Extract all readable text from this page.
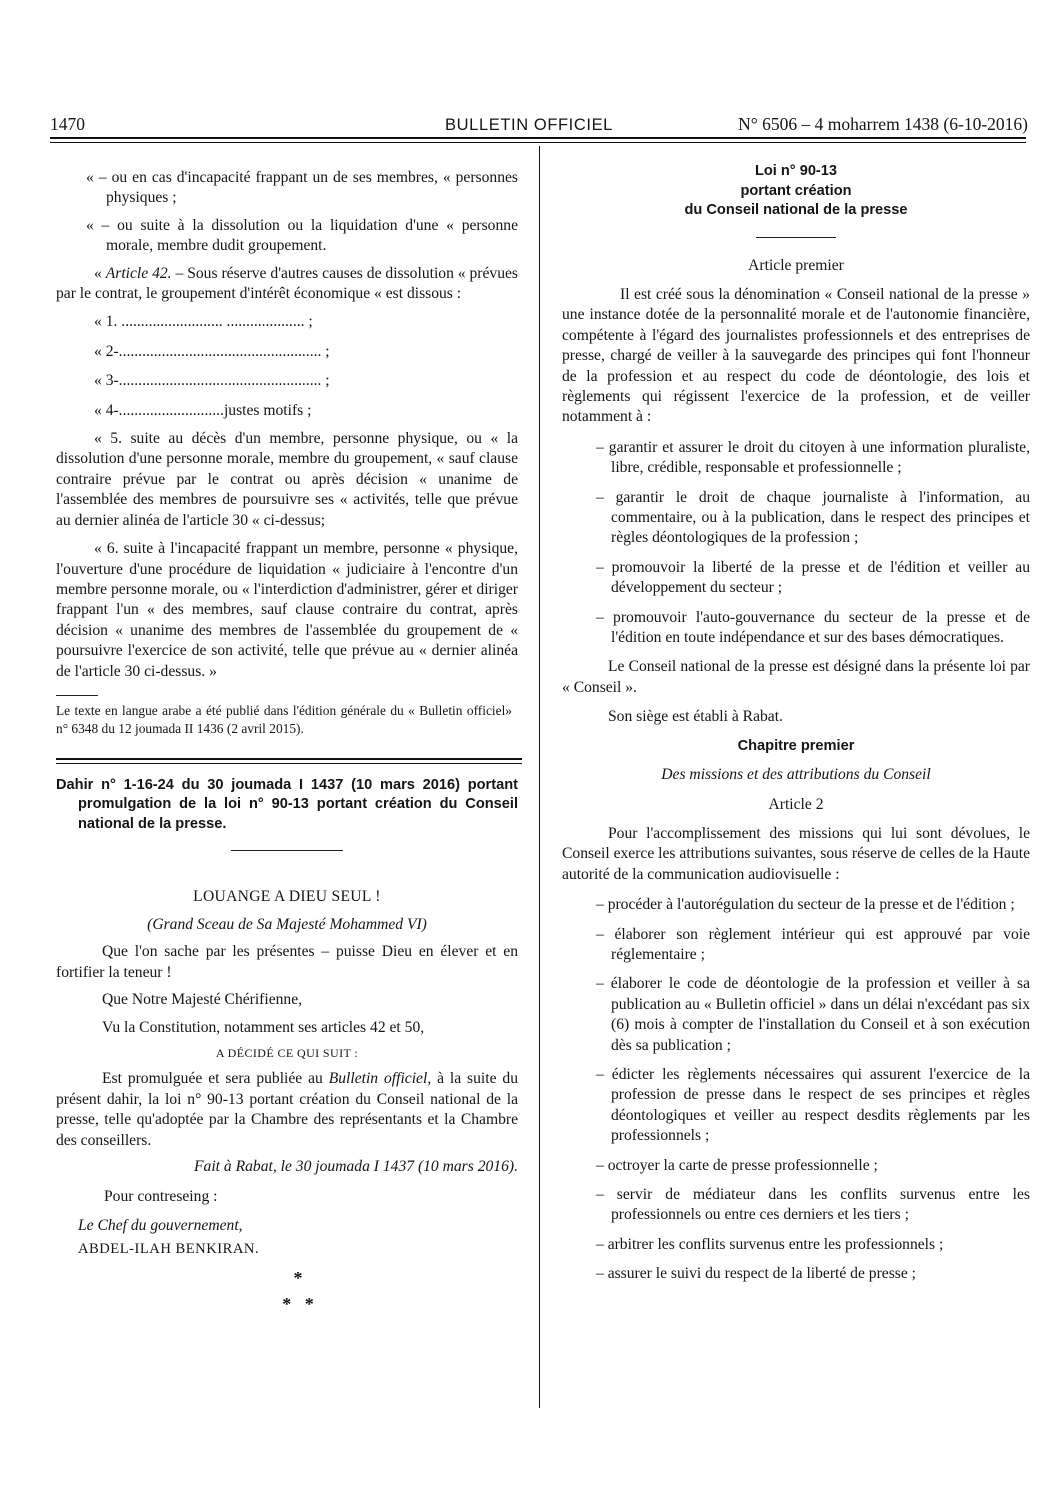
1470	BULLETIN OFFICIEL	N° 6506 – 4 moharrem 1438 (6-10-2016)

« – ou en cas d'incapacité frappant un de ses membres, « personnes physiques ;

« – ou suite à la dissolution ou la liquidation d'une « personne morale, membre dudit groupement.

« Article 42. – Sous réserve d'autres causes de dissolution « prévues par le contrat, le groupement d'intérêt économique « est dissous :

« 1. .......................... .................... ;

« 2-.................................................... ;

« 3-.................................................... ;

« 4-...........................justes motifs ;

« 5. suite au décès d'un membre, personne physique, ou « la dissolution d'une personne morale, membre du groupement, « sauf clause contraire prévue par le contrat ou après décision « unanime de l'assemblée des membres de poursuivre ses « activités, telle que prévue au dernier alinéa de l'article 30 « ci-dessus;

« 6. suite à l'incapacité frappant un membre, personne « physique, l'ouverture d'une procédure de liquidation « judiciaire à l'encontre d'un membre personne morale, ou « l'interdiction d'administrer, gérer et diriger frappant l'un « des membres, sauf clause contraire du contrat, après décision « unanime des membres de l'assemblée du groupement de « poursuivre l'exercice de son activité, telle que prévue au « dernier alinéa de l'article 30 ci-dessus. »

Le texte en langue arabe a été publié dans l'édition générale du « Bulletin officiel» n° 6348 du 12 joumada II 1436 (2 avril 2015).

Dahir n° 1-16-24 du 30 joumada I 1437 (10 mars 2016) portant promulgation de la loi n° 90-13 portant création du Conseil national de la presse.

LOUANGE A DIEU SEUL !

(Grand Sceau de Sa Majesté Mohammed VI)

Que l'on sache par les présentes – puisse Dieu en élever et en fortifier la teneur !

Que Notre Majesté Chérifienne,

Vu la Constitution, notamment ses articles 42 et 50,

A DÉCIDÉ CE QUI SUIT :

Est promulguée et sera publiée au Bulletin officiel, à la suite du présent dahir, la loi n° 90-13 portant création du Conseil national de la presse, telle qu'adoptée par la Chambre des représentants et la Chambre des conseillers.

Fait à Rabat, le 30 joumada I 1437 (10 mars 2016).

Pour contreseing :

Le Chef du gouvernement,

ABDEL-ILAH BENKIRAN.

*
*   *

Loi n° 90-13

portant création

du Conseil national de la presse

Article premier

Il est créé sous la dénomination « Conseil national de la presse » une instance dotée de la personnalité morale et de l'autonomie financière, compétente à l'égard des journalistes professionnels et des entreprises de presse, chargé de veiller à la sauvegarde des principes qui font l'honneur de la profession et au respect du code de déontologie, des lois et règlements qui régissent l'exercice de la profession, et de veiller notamment à :

– garantir et assurer le droit du citoyen à une information pluraliste, libre, crédible, responsable et professionnelle ;

– garantir le droit de chaque journaliste à l'information, au commentaire, ou à la publication, dans le respect des principes et règles déontologiques de la profession ;

– promouvoir la liberté de la presse et de l'édition et veiller au développement du secteur ;

– promouvoir l'auto-gouvernance du secteur de la presse et de l'édition en toute indépendance et sur des bases démocratiques.

Le Conseil national de la presse est désigné dans la présente loi par « Conseil ».

Son siège est établi à Rabat.

Chapitre premier

Des missions et des attributions du Conseil

Article 2

Pour l'accomplissement des missions qui lui sont dévolues, le Conseil exerce les attributions suivantes, sous réserve de celles de la Haute autorité de la communication audiovisuelle :

– procéder à l'autorégulation du secteur de la presse et de l'édition ;

– élaborer son règlement intérieur qui est approuvé par voie réglementaire ;

– élaborer le code de déontologie de la profession et veiller à sa publication au « Bulletin officiel » dans un délai n'excédant pas six (6) mois à compter de l'installation du Conseil et à son exécution dès sa publication ;

– édicter les règlements nécessaires qui assurent l'exercice de la profession de presse dans le respect de ses principes et règles déontologiques et veiller au respect desdits règlements par les professionnels ;

– octroyer la carte de presse professionnelle ;

– servir de médiateur dans les conflits survenus entre les professionnels ou entre ces derniers et les tiers ;

– arbitrer les conflits survenus entre les professionnels ;

– assurer le suivi du respect de la liberté de presse ;
